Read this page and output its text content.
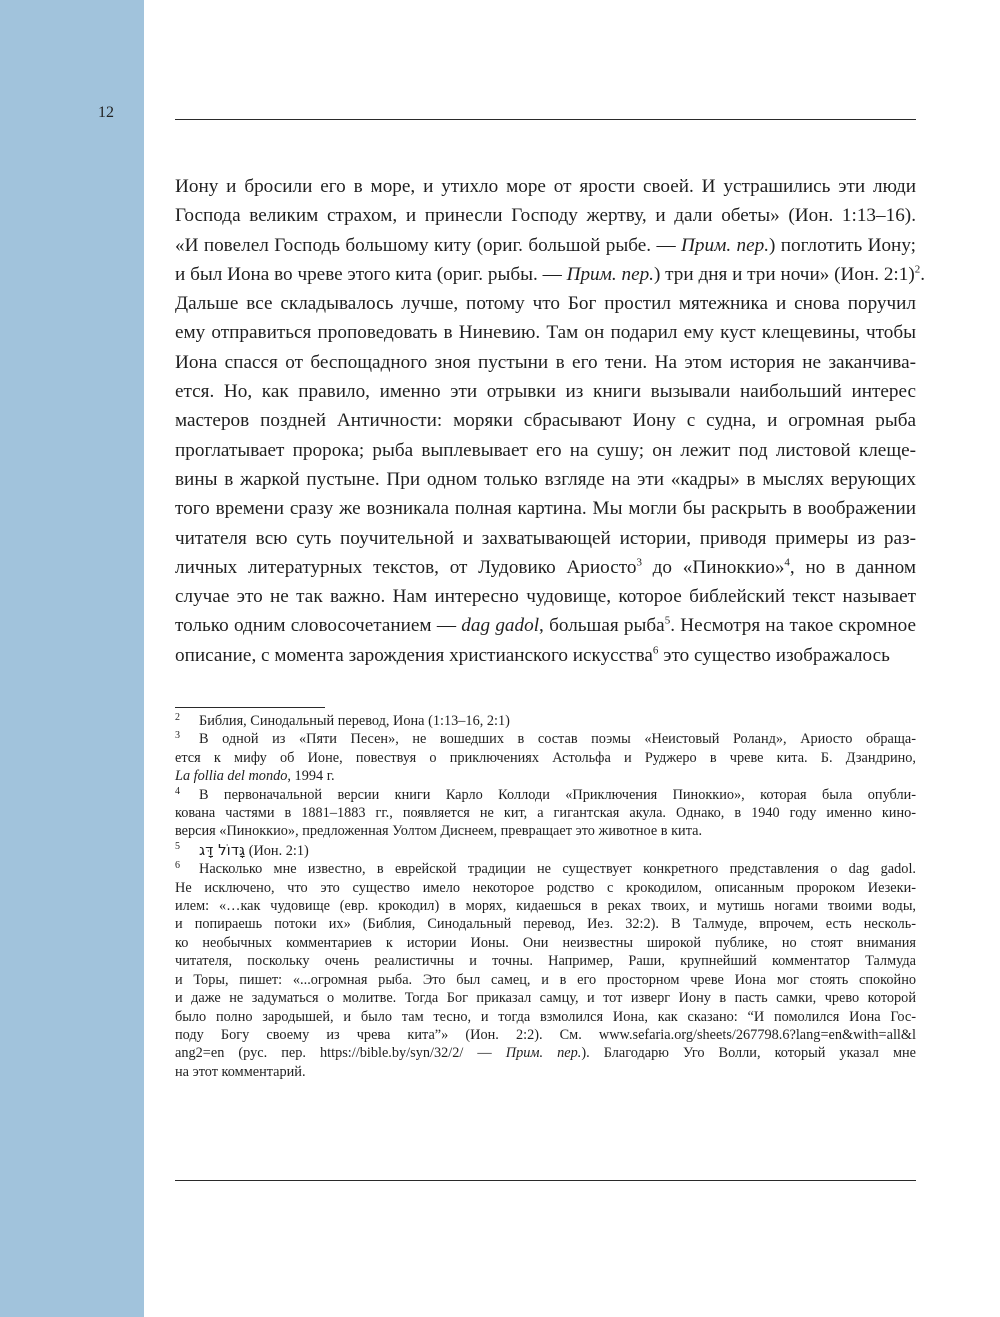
12
Иону и бросили его в море, и утихло море от ярости своей. И устрашились эти люди
Господа великим страхом, и принесли Господу жертву, и дали обеты» (Ион. 1:13–16).
«И повелел Господь большому киту (ориг. большой рыбе. — Прим. пер.) поглотить Иону;
и был Иона во чреве этого кита (ориг. рыбы. — Прим. пер.) три дня и три ночи» (Ион. 2:1)$^2$.
Дальше все складывалось лучше, потому что Бог простил мятежника и снова поручил
ему отправиться проповедовать в Ниневию. Там он подарил ему куст клещевины, чтобы
Иона спасся от беспощадного зноя пустыни в его тени. На этом история не заканчива-
ется. Но, как правило, именно эти отрывки из книги вызывали наибольший интерес
мастеров поздней Античности: моряки сбрасывают Иону с судна, и огромная рыба
проглатывает пророка; рыба выплевывает его на сушу; он лежит под листовой клеще-
вины в жаркой пустыне. При одном только взгляде на эти «кадры» в мыслях верующих
того времени сразу же возникала полная картина. Мы могли бы раскрыть в воображении
читателя всю суть поучительной и захватывающей истории, приводя примеры из раз-
личных литературных текстов, от Лудовико Ариосто$^3$ до «Пиноккио»$^4$, но в данном
случае это не так важно. Нам интересно чудовище, которое библейский текст называет
только одним словосочетанием — dag gadol, большая рыба$^5$. Несмотря на такое скромное
описание, с момента зарождения христианского искусства$^6$ это существо изображалось
2 Библия, Синодальный перевод, Иона (1:13–16, 2:1)
3 В одной из «Пяти Песен», не вошедших в состав поэмы «Неистовый Роланд», Ариосто обраща-
ется к мифу об Ионе, повествуя о приключениях Астольфа и Руджеро в чреве кита. Б. Дзандрино,
La follia del mondo, 1994 г.
4 В первоначальной версии книги Карло Коллоди «Приключения Пиноккио», которая была опубли-
кована частями в 1881–1883 гг., появляется не кит, а гигантская акула. Однако, в 1940 году именно кино-
версия «Пиноккио», предложенная Уолтом Диснеем, превращает это животное в кита.
5 גָּדוֹל דָּג (Ион. 2:1)
6 Насколько мне известно, в еврейской традиции не существует конкретного представления о dag gadol.
Не исключено, что это существо имело некоторое родство с крокодилом, описанным пророком Иезеки-
илем: «…как чудовище (евр. крокодил) в морях, кидаешься в реках твоих, и мутишь ногами твоими воды,
и попираешь потоки их» (Библия, Синодальный перевод, Иез. 32:2). В Талмуде, впрочем, есть несколь-
ко необычных комментариев к истории Ионы. Они неизвестны широкой публике, но стоят внимания
читателя, поскольку очень реалистичны и точны. Например, Раши, крупнейший комментатор Талмуда
и Торы, пишет: «...огромная рыба. Это был самец, и в его просторном чреве Иона мог стоять спокойно
и даже не задуматься о молитве. Тогда Бог приказал самцу, и тот изверг Иону в пасть самки, чрево которой
было полно зародышей, и было там тесно, и тогда взмолился Иона, как сказано: “И помолился Иона Гос-
поду Богу своему из чрева кита”» (Ион. 2:2). См. www.sefaria.org/sheets/267798.6?lang=en&with=all&l
ang2=en (рус. пер. https://bible.by/syn/32/2/ — Прим. пер.). Благодарю Уго Волли, который указал мне
на этот комментарий.
